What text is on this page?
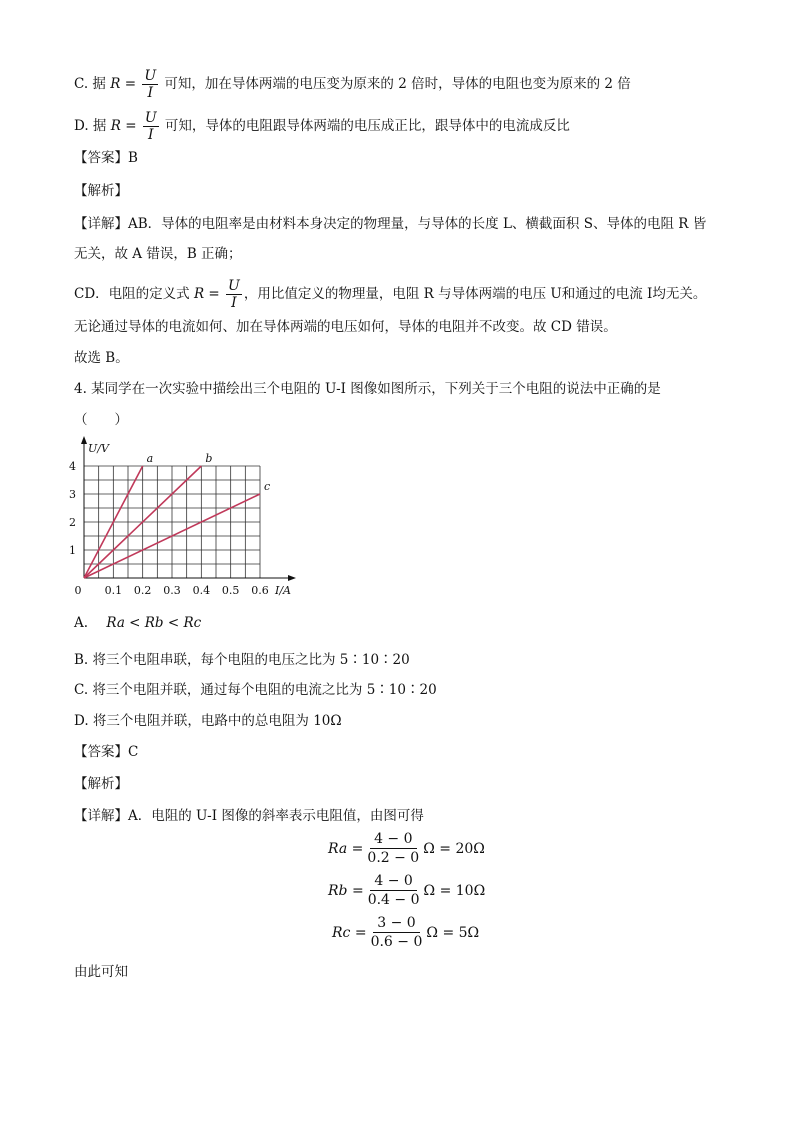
C. 据 $R = \frac{U}{I}$ 可知，加在导体两端的电压变为原来的 2 倍时，导体的电阻也变为原来的 2 倍
D. 据 $R = \frac{U}{I}$ 可知，导体的电阻跟导体两端的电压成正比，跟导体中的电流成反比
【答案】B
【解析】
【详解】AB．导体的电阻率是由材料本身决定的物理量，与导体的长度 L、横截面积 S、导体的电阻 R 皆
无关，故 A 错误，B 正确；
CD．电阻的定义式 $R = \frac{U}{I}$ ，用比值定义的物理量，电阻 R 与导体两端的电压 U和通过的电流 I均无关。
无论通过导体的电流如何、加在导体两端的电压如何，导体的电阻并不改变。故 CD 错误。
故选 B。
4. 某同学在一次实验中描绘出三个电阻的 U-I 图像如图所示，下列关于三个电阻的说法中正确的是
（　　）
a	b
c
0.1 0.2 0.3 0.4 0.5 0.6
1
2
3
4
0	I/A
U/V
A. Ra < Rb < Rc
B. 将三个电阻串联，每个电阻的电压之比为 5∶10∶20
C. 将三个电阻并联，通过每个电阻的电流之比为 5∶10∶20
D. 将三个电阻并联，电路中的总电阻为 10Ω
【答案】C
【解析】
【详解】A．电阻的 U-I 图像的斜率表示电阻值，由图可得
Ra
= $\frac{4 - 0}{0.2 - 0}$ Ω = 20Ω
Rb
= $\frac{4 - 0}{0.4 - 0}$ Ω = 10Ω
Rc
= $\frac{3 - 0}{0.6 - 0}$ Ω = 5Ω
由此可知
